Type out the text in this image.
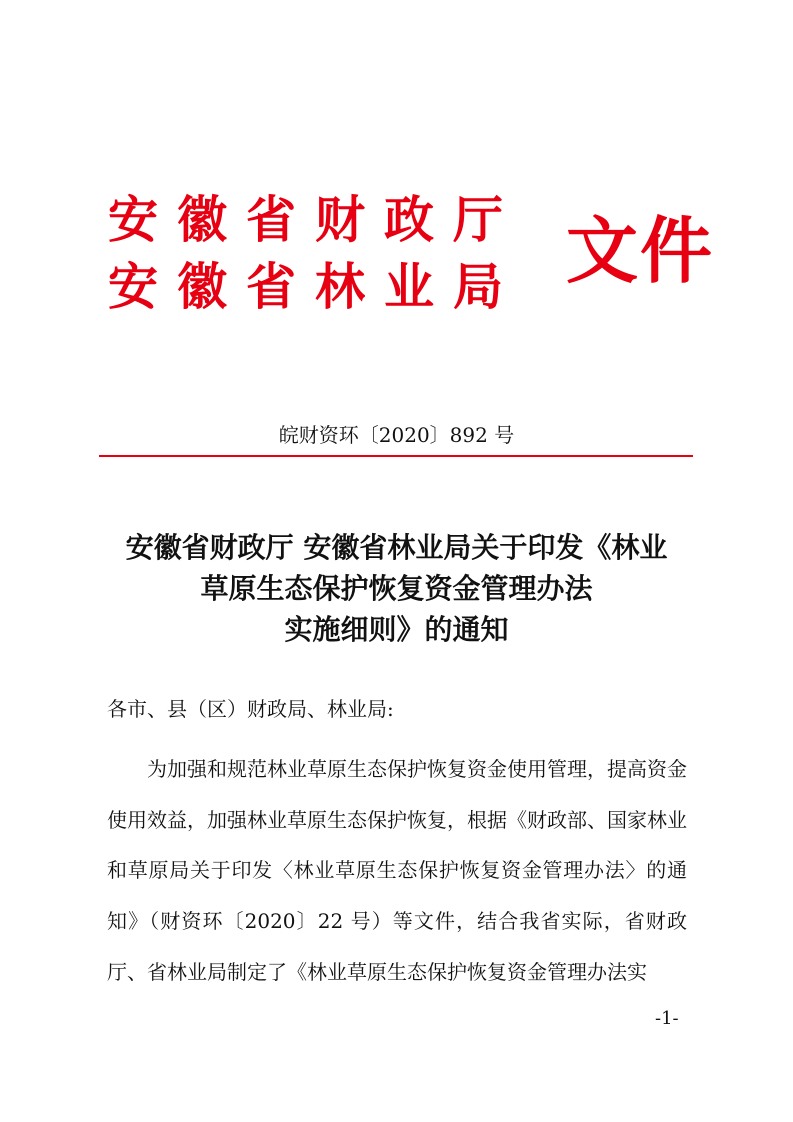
安徽省财政厅
安徽省林业局 文件
皖财资环〔2020〕892 号
安徽省财政厅 安徽省林业局关于印发《林业
草原生态保护恢复资金管理办法
实施细则》的通知
各市、县（区）财政局、林业局:
　　为加强和规范林业草原生态保护恢复资金使用管理，提高资金使用效益，加强林业草原生态保护恢复，根据《财政部、国家林业和草原局关于印发〈林业草原生态保护恢复资金管理办法〉的通知》（财资环〔2020〕22 号）等文件，结合我省实际，省财政厅、省林业局制定了《林业草原生态保护恢复资金管理办法实
-1-
